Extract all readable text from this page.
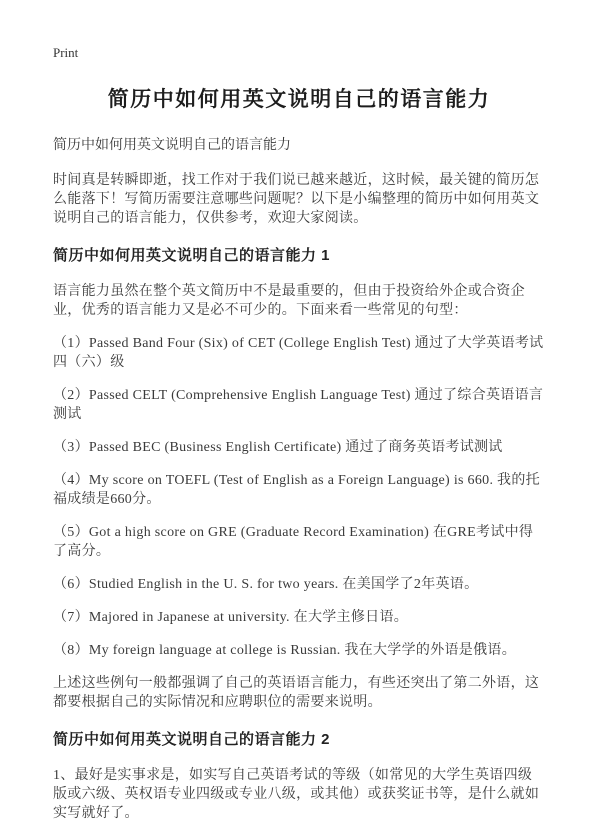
Print
简历中如何用英文说明自己的语言能力
简历中如何用英文说明自己的语言能力

时间真是转瞬即逝，找工作对于我们说已越来越近，这时候，最关键的简历怎么能落下！写简历需要注意哪些问题呢？以下是小编整理的简历中如何用英文说明自己的语言能力，仅供参考，欢迎大家阅读。

简历中如何用英文说明自己的语言能力 1

语言能力虽然在整个英文简历中不是最重要的，但由于投资给外企或合资企业，优秀的语言能力又是必不可少的。下面来看一些常见的句型：

（1）Passed Band Four (Six) of CET (College English Test) 通过了大学英语考试四（六）级

（2）Passed CELT (Comprehensive English Language Test) 通过了综合英语语言测试

（3）Passed BEC (Business English Certificate) 通过了商务英语考试测试

（4）My score on TOEFL (Test of English as a Foreign Language) is 660. 我的托福成绩是660分。

（5）Got a high score on GRE (Graduate Record Examination) 在GRE考试中得了高分。

（6）Studied English in the U. S. for two years. 在美国学了2年英语。

（7）Majored in Japanese at university. 在大学主修日语。

（8）My foreign language at college is Russian. 我在大学学的外语是俄语。

上述这些例句一般都强调了自己的英语语言能力，有些还突出了第二外语，这都要根据自己的实际情况和应聘职位的需要来说明。

简历中如何用英文说明自己的语言能力 2

1、最好是实事求是，如实写自己英语考试的等级（如常见的大学生英语四级版或六级、英权语专业四级或专业八级，或其他）或获奖证书等，是什么就如实写就好了。
